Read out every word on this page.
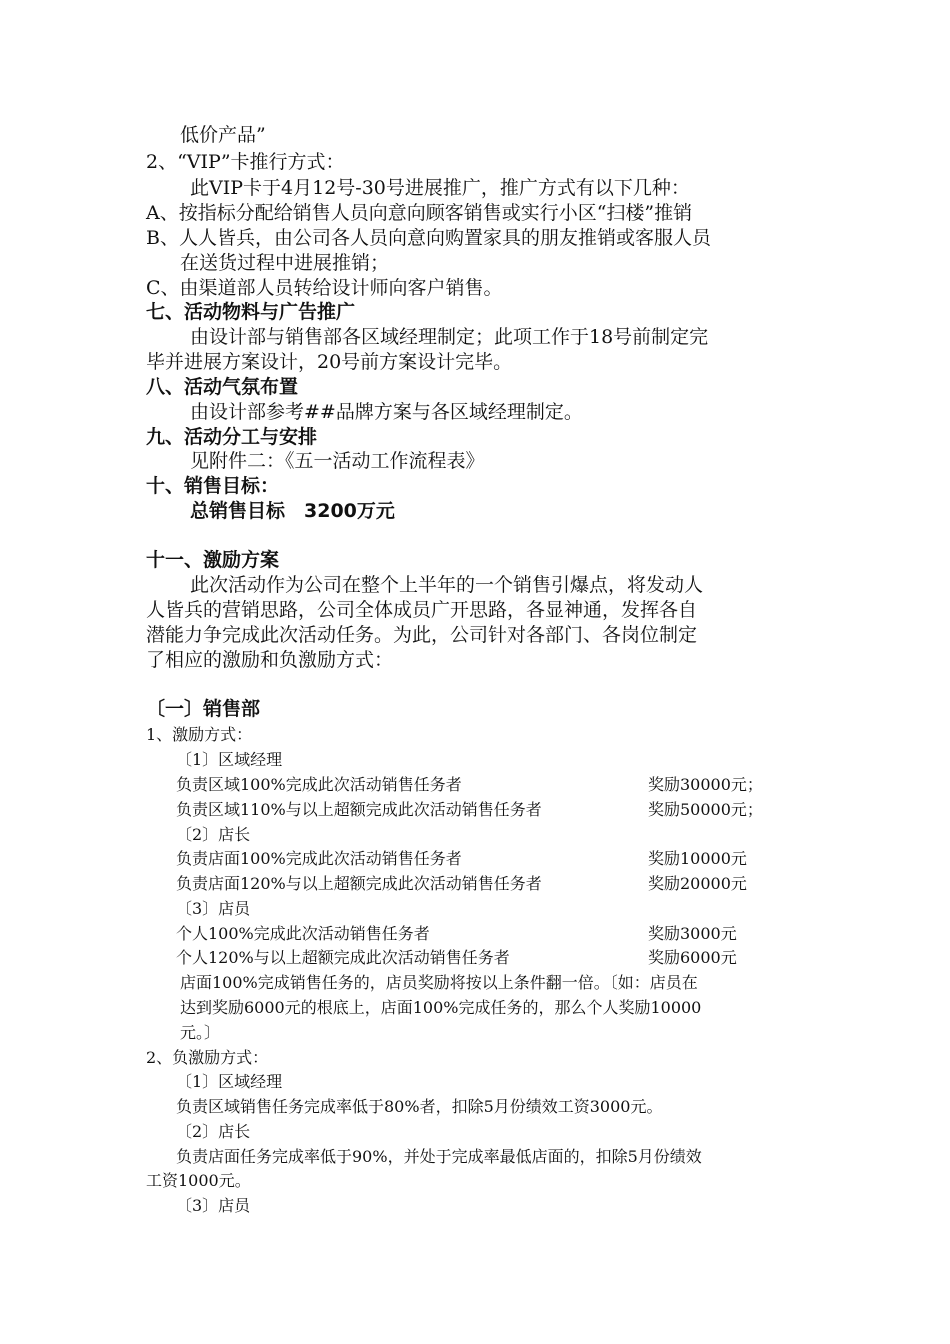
低价产品”
2、“VIP”卡推行方式：
此VIP卡于4月12号-30号进展推广，推广方式有以下几种：
A、按指标分配给销售人员向意向顾客销售或实行小区“扫楼”推销
B、人人皆兵，由公司各人员向意向购置家具的朋友推销或客服人员
在送货过程中进展推销；
C、由渠道部人员转给设计师向客户销售。
七、活动物料与广告推广
由设计部与销售部各区域经理制定；此项工作于18号前制定完
毕并进展方案设计，20号前方案设计完毕。
八、活动气氛布置
由设计部参考##品牌方案与各区域经理制定。
九、活动分工与安排
见附件二：《五一活动工作流程表》
十、销售目标：
总销售目标　3200万元
十一、激励方案
此次活动作为公司在整个上半年的一个销售引爆点，将发动人
人皆兵的营销思路，公司全体成员广开思路，各显神通，发挥各自
潜能力争完成此次活动任务。为此，公司针对各部门、各岗位制定
了相应的激励和负激励方式：
〔一〕销售部
1、激励方式：
〔1〕区域经理
负责区域100%完成此次活动销售任务者	奖励30000元；
负责区域110%与以上超额完成此次活动销售任务者	奖励50000元；
〔2〕店长
负责店面100%完成此次活动销售任务者	奖励10000元
负责店面120%与以上超额完成此次活动销售任务者	奖励20000元
〔3〕店员
个人100%完成此次活动销售任务者	奖励3000元
个人120%与以上超额完成此次活动销售任务者	奖励6000元
店面100%完成销售任务的，店员奖励将按以上条件翻一倍。〔如：店员在
达到奖励6000元的根底上，店面100%完成任务的，那么个人奖励10000
元。〕
2、负激励方式：
〔1〕区域经理
负责区域销售任务完成率低于80%者，扣除5月份绩效工资3000元。
〔2〕店长
负责店面任务完成率低于90%，并处于完成率最低店面的，扣除5月份绩效
工资1000元。
〔3〕店员
